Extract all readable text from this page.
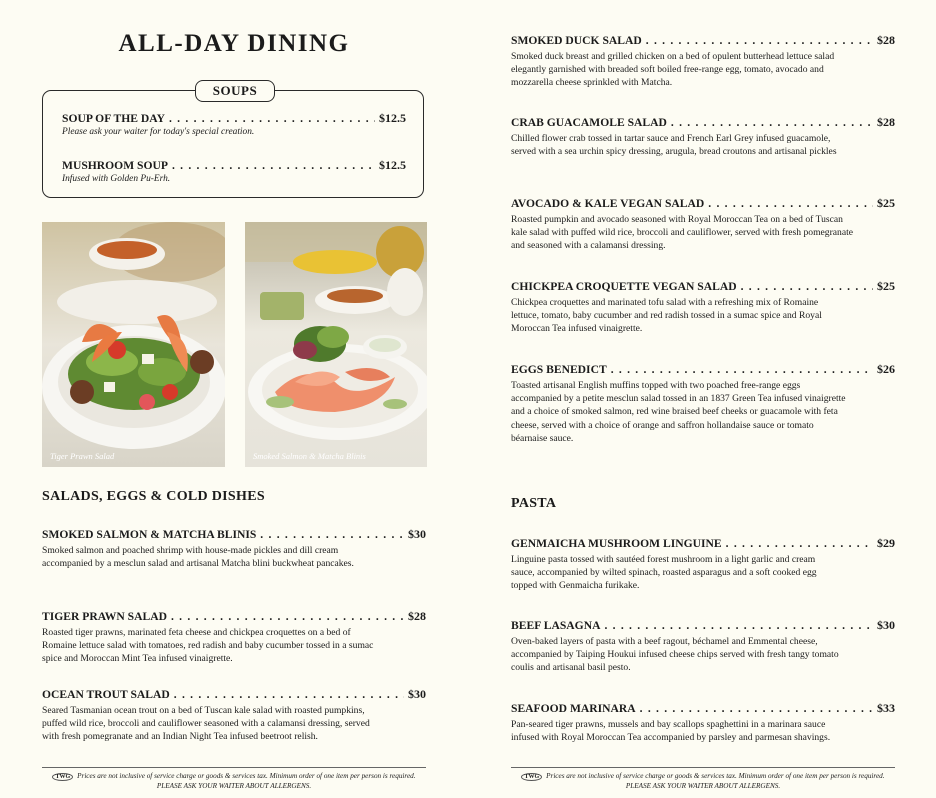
ALL-DAY DINING
SOUPS
SOUP OF THE DAY . . .	$12.5
Please ask your waiter for today's special creation.
MUSHROOM SOUP . . .	$12.5
Infused with Golden Pu-Erh.
Tiger Prawn Salad	Smoked Salmon & Matcha Blinis
SALADS, EGGS & COLD DISHES
SMOKED SALMON & MATCHA BLINIS . . .	$30
Smoked salmon and poached shrimp with house-made pickles and dill cream accompanied by a mesclun salad and artisanal Matcha blini buckwheat pancakes.
TIGER PRAWN SALAD . . .	$28
Roasted tiger prawns, marinated feta cheese and chickpea croquettes on a bed of Romaine lettuce salad with tomatoes, red radish and baby cucumber tossed in a sumac spice and Moroccan Mint Tea infused vinaigrette.
OCEAN TROUT SALAD . . .	$30
Seared Tasmanian ocean trout on a bed of Tuscan kale salad with roasted pumpkins, puffed wild rice, broccoli and cauliflower seasoned with a calamansi dressing, served with fresh pomegranate and an Indian Night Tea infused beetroot relish.
SMOKED DUCK SALAD . . .	$28
Smoked duck breast and grilled chicken on a bed of opulent butterhead lettuce salad elegantly garnished with breaded soft boiled free-range egg, tomato, avocado and mozzarella cheese sprinkled with Matcha.
CRAB GUACAMOLE SALAD . . .	$28
Chilled flower crab tossed in tartar sauce and French Earl Grey infused guacamole, served with a sea urchin spicy dressing, arugula, bread croutons and artisanal pickles
AVOCADO & KALE VEGAN SALAD . . .	$25
Roasted pumpkin and avocado seasoned with Royal Moroccan Tea on a bed of Tuscan kale salad with puffed wild rice, broccoli and cauliflower, served with fresh pomegranate and seasoned with a calamansi dressing.
CHICKPEA CROQUETTE VEGAN SALAD . . .	$25
Chickpea croquettes and marinated tofu salad with a refreshing mix of Romaine lettuce, tomato, baby cucumber and red radish tossed in a sumac spice and Royal Moroccan Tea infused vinaigrette.
EGGS BENEDICT . . .	$26
Toasted artisanal English muffins topped with two poached free-range eggs accompanied by a petite mesclun salad tossed in an 1837 Green Tea infused vinaigrette and a choice of smoked salmon, red wine braised beef cheeks or guacamole with feta cheese, served with a choice of orange and saffron hollandaise sauce or tomato béarnaise sauce.
PASTA
GENMAICHA MUSHROOM LINGUINE . . .	$29
Linguine pasta tossed with sautéed forest mushroom in a light garlic and cream sauce, accompanied by wilted spinach, roasted asparagus and a soft cooked egg topped with Genmaicha furikake.
BEEF LASAGNA . . .	$30
Oven-baked layers of pasta with a beef ragout, béchamel and Emmental cheese, accompanied by Taiping Houkui infused cheese chips served with fresh tangy tomato coulis and artisanal basil pesto.
SEAFOOD MARINARA . . .	$33
Pan-seared tiger prawns, mussels and bay scallops spaghettini in a marinara sauce infused with Royal Moroccan Tea accompanied by parsley and parmesan shavings.
TWG Prices are not inclusive of service charge or goods & services tax. Minimum order of one item per person is required.
PLEASE ASK YOUR WAITER ABOUT ALLERGENS.
TWG Prices are not inclusive of service charge or goods & services tax. Minimum order of one item per person is required.
PLEASE ASK YOUR WAITER ABOUT ALLERGENS.
